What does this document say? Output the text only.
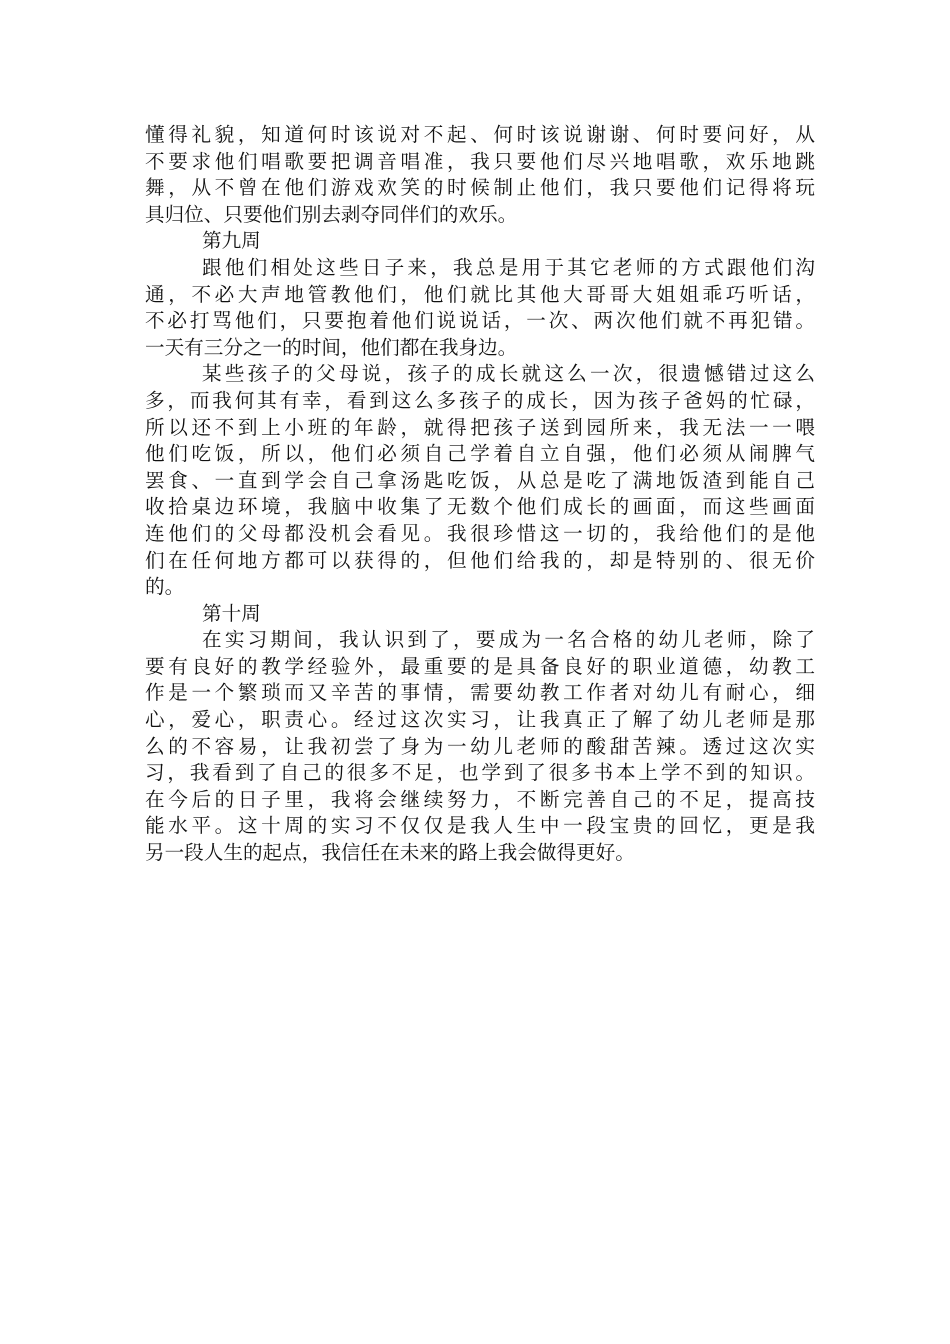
懂得礼貌，知道何时该说对不起、何时该说谢谢、何时要问好，从
不要求他们唱歌要把调音唱准，我只要他们尽兴地唱歌，欢乐地跳
舞，从不曾在他们游戏欢笑的时候制止他们，我只要他们记得将玩
具归位、只要他们别去剥夺同伴们的欢乐。
第九周
跟他们相处这些日子来，我总是用于其它老师的方式跟他们沟
通，不必大声地管教他们，他们就比其他大哥哥大姐姐乖巧听话，
不必打骂他们，只要抱着他们说说话，一次、两次他们就不再犯错。
一天有三分之一的时间，他们都在我身边。
某些孩子的父母说，孩子的成长就这么一次，很遗憾错过这么
多，而我何其有幸，看到这么多孩子的成长，因为孩子爸妈的忙碌，
所以还不到上小班的年龄，就得把孩子送到园所来，我无法一一喂
他们吃饭，所以，他们必须自己学着自立自强，他们必须从闹脾气
罢食、一直到学会自己拿汤匙吃饭，从总是吃了满地饭渣到能自己
收拾桌边环境，我脑中收集了无数个他们成长的画面，而这些画面
连他们的父母都没机会看见。我很珍惜这一切的，我给他们的是他
们在任何地方都可以获得的，但他们给我的，却是特别的、很无价
的。
第十周
在实习期间，我认识到了，要成为一名合格的幼儿老师，除了
要有良好的教学经验外，最重要的是具备良好的职业道德，幼教工
作是一个繁琐而又辛苦的事情，需要幼教工作者对幼儿有耐心，细
心，爱心，职责心。经过这次实习，让我真正了解了幼儿老师是那
么的不容易，让我初尝了身为一幼儿老师的酸甜苦辣。透过这次实
习，我看到了自己的很多不足，也学到了很多书本上学不到的知识。
在今后的日子里，我将会继续努力，不断完善自己的不足，提高技
能水平。这十周的实习不仅仅是我人生中一段宝贵的回忆，更是我
另一段人生的起点，我信任在未来的路上我会做得更好。
